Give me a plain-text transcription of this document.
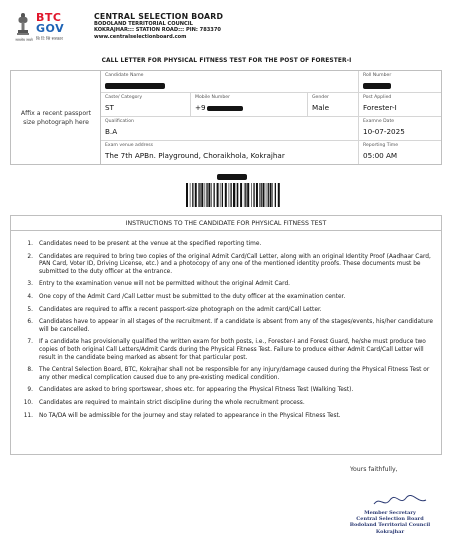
सत्यमेव जयते
BTC
GOV
बि टि सि सरकार
CENTRAL SELECTION BOARD
BODOLAND TERRITORIAL COUNCIL
KOKRAJHAR::: STATION ROAD::: PIN: 783370
www.centralselectionboard.com
CALL LETTER FOR PHYSICAL FITNESS TEST FOR THE POST OF FORESTER-I
Affix a recent passport size photograph here
Candidate Name	Roll Number
Caste/ Category
ST
Mobile Number
+9
Gender
Male
Post Applied
Forester-I
Qualification
B.A
Examne Date
10-07-2025
Exam venue address
The 7th APBn. Playground, Choraikhola, Kokrajhar
Reporting Time
05:00 AM
INSTRUCTIONS TO THE CANDIDATE FOR PHYSICAL FITNESS TEST
1. Candidates need to be present at the venue at the specified reporting time.
2. Candidates are required to bring two copies of the original Admit Card/Call Letter, along with an original Identity Proof (Aadhaar Card, PAN Card, Voter ID, Driving License, etc.) and a photocopy of any one of the mentioned identity proofs. These documents must be submitted to the duty officer at the entrance.
3. Entry to the examination venue will not be permitted without the original Admit Card.
4. One copy of the Admit Card /Call Letter must be submitted to the duty officer at the examination center.
5. Candidates are required to affix a recent passport-size photograph on the admit card/Call Letter.
6. Candidates have to appear in all stages of the recruitment. If a candidate is absent from any of the stages/events, his/her candidature will be cancelled.
7. If a candidate has provisionally qualified the written exam for both posts, i.e., Forester-I and Forest Guard, he/she must produce two copies of both original Call Letters/Admit Cards during the Physical Fitness Test. Failure to produce either Admit Card/Call Letter will result in the candidate being marked as absent for that particular post.
8. The Central Selection Board, BTC, Kokrajhar shall not be responsible for any injury/damage caused during the Physical Fitness Test or any other medical complication caused due to any pre-existing medical condition.
9. Candidates are asked to bring sportswear, shoes etc. for appearing the Physical Fitness Test (Walking Test).
10. Candidates are required to maintain strict discipline during the whole recruitment process.
11. No TA/DA will be admissible for the journey and stay related to appearance in the Physical Fitness Test.
Yours faithfully,
Member Secretary
Central Selection Board
Bodoland Territorial Council
Kokrajhar
